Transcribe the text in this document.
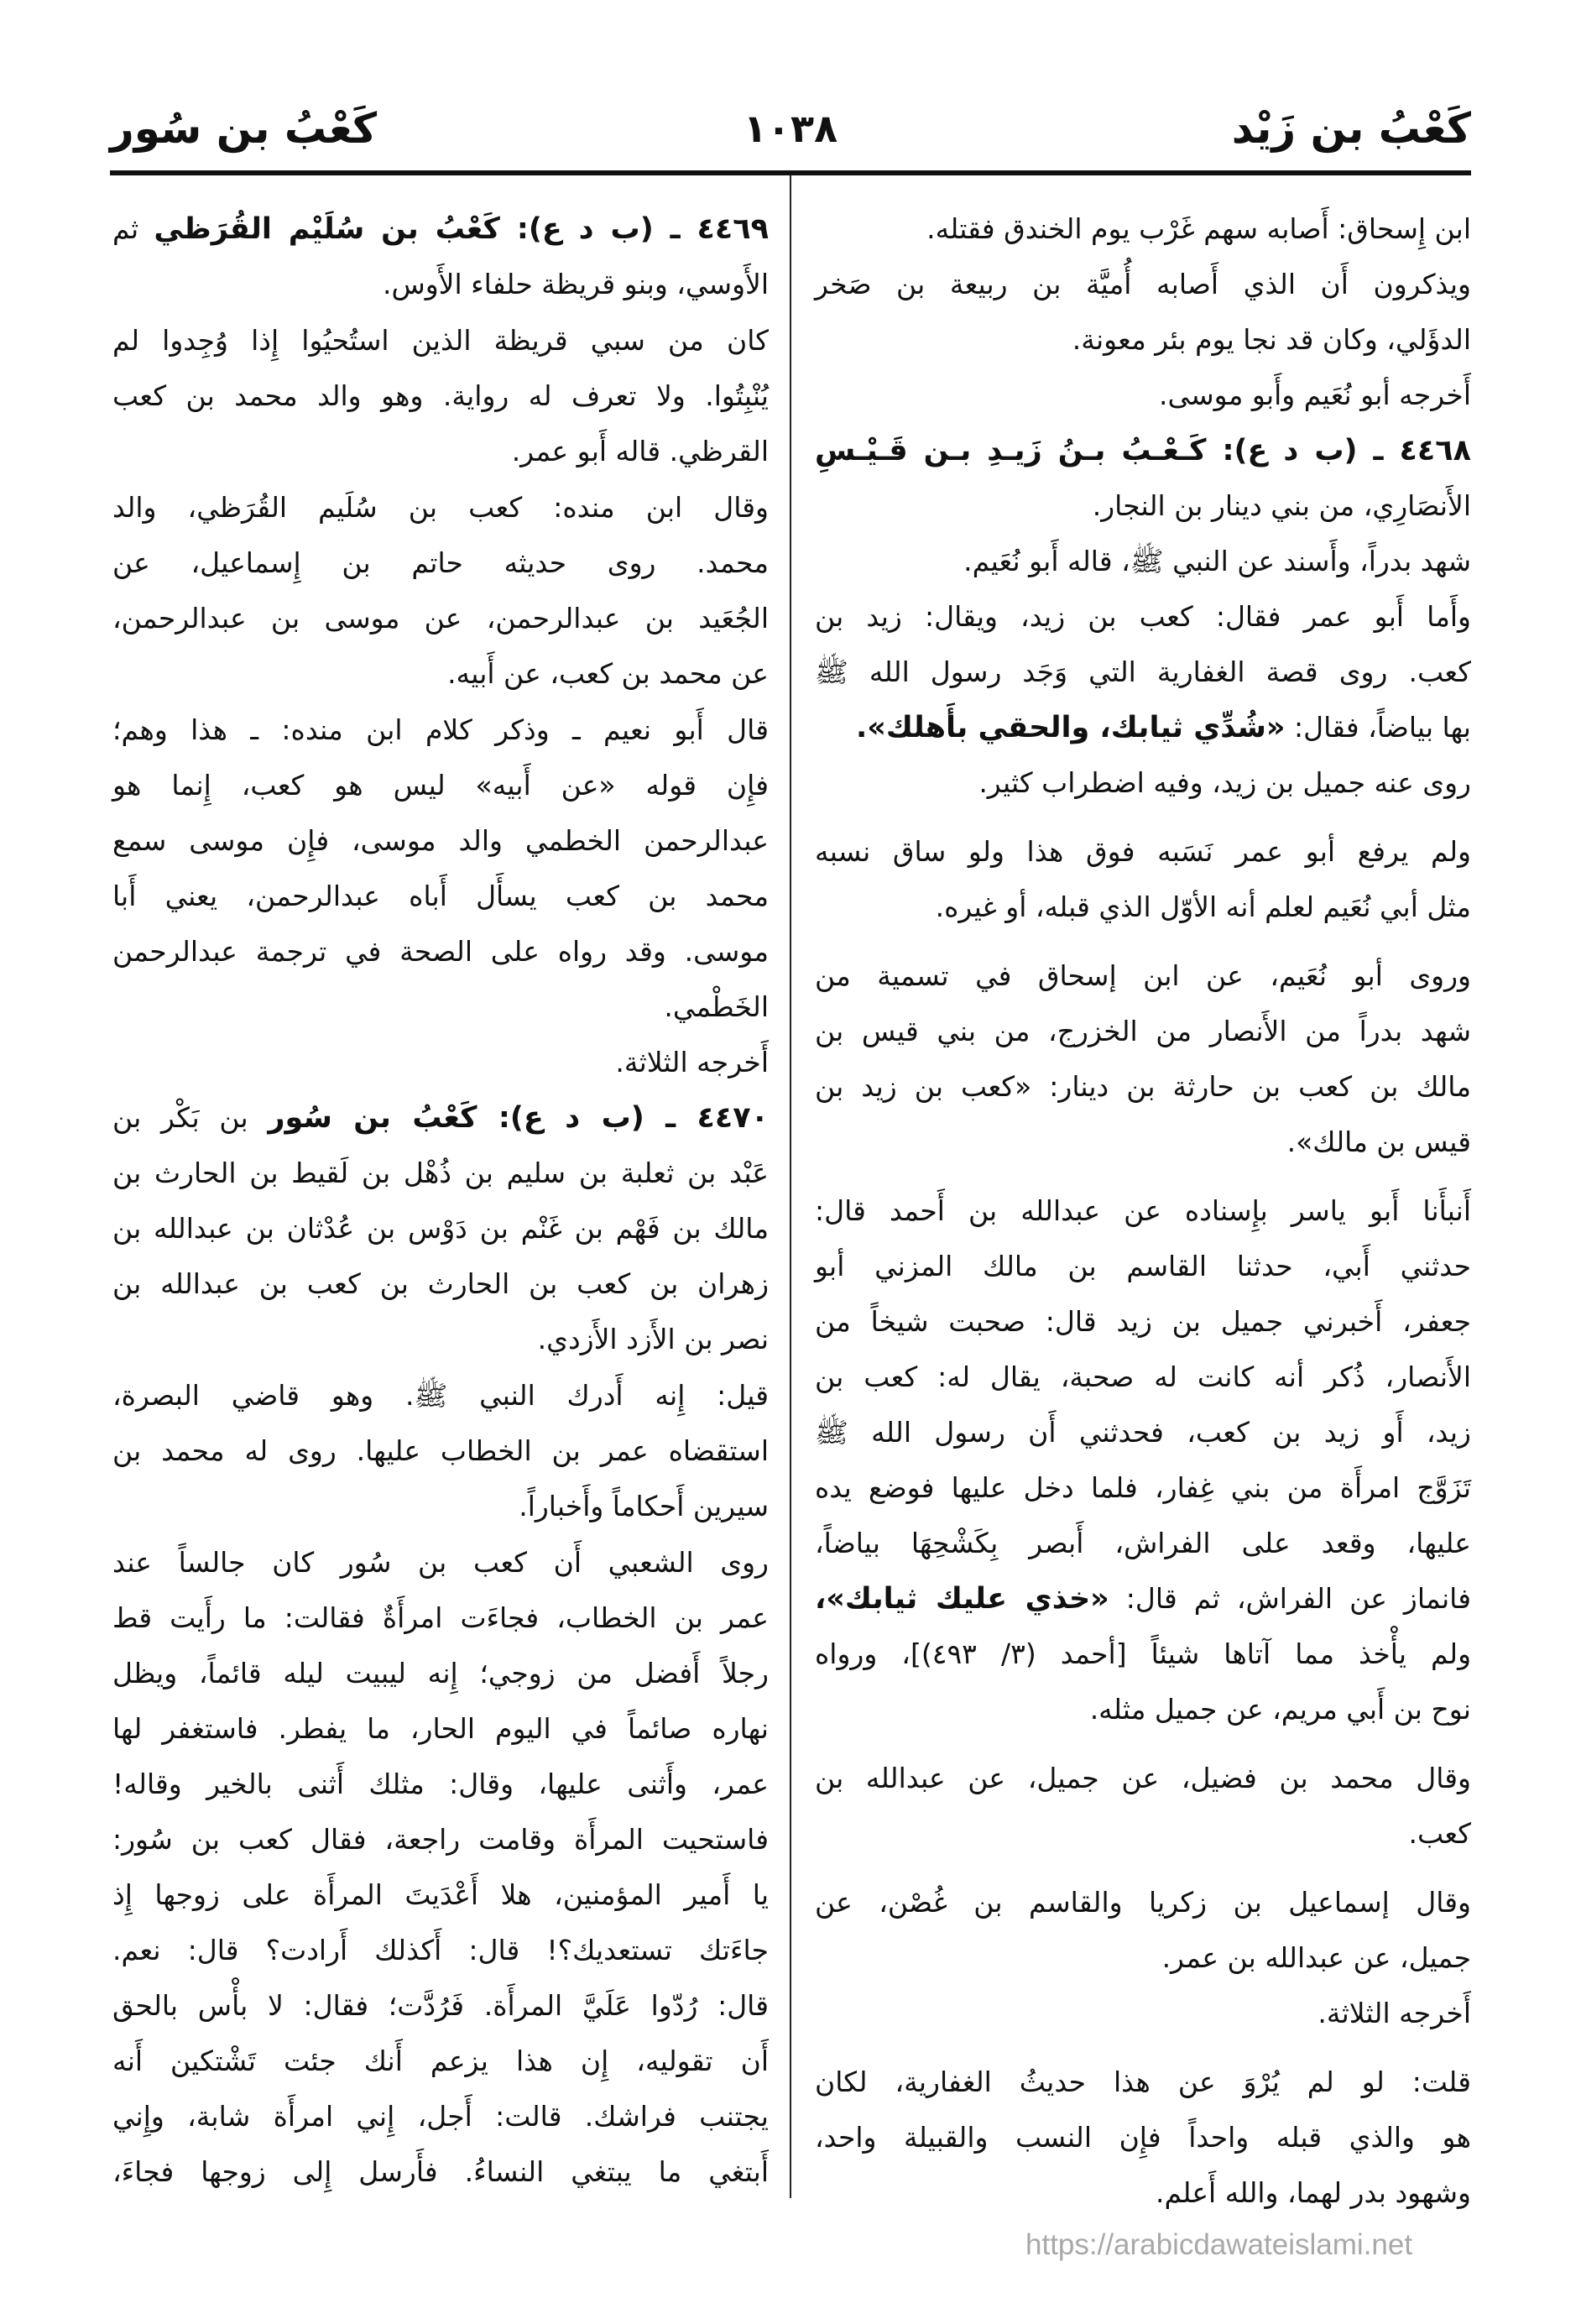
كَعْبُ بن زَيْد
١٠٣٨
كَعْبُ بن سُور
ابن إِسحاق: أَصابه سهم غَرْب يوم الخندق فقتله.
ويذكرون أَن الذي أَصابه أُميَّة بن ربيعة بن صَخر
الدؤَلي، وكان قد نجا يوم بئر معونة.
أَخرجه أبو نُعَيم وأَبو موسى.
٤٤٦٨ ـ (ب د ع): كَـعْـبُ بـنُ زَيـدِ بـن قَـيْـسِ
الأَنصَارِي، من بني دينار بن النجار.
شهد بدراً، وأَسند عن النبي ﷺ، قاله أَبو نُعَيم.
وأَما أَبو عمر فقال: كعب بن زيد، ويقال: زيد بن
كعب. روى قصة الغفارية التي وَجَد رسول الله ﷺ
بها بياضاً، فقال: «شُدِّي ثيابك، والحقي بأَهلك».
روى عنه جميل بن زيد، وفيه اضطراب كثير.
ولم يرفع أبو عمر نَسَبه فوق هذا ولو ساق نسبه
مثل أبي نُعَيم لعلم أنه الأوّل الذي قبله، أو غيره.
وروى أبو نُعَيم، عن ابن إسحاق في تسمية من
شهد بدراً من الأَنصار من الخزرج، من بني قيس بن
مالك بن كعب بن حارثة بن دينار: «كعب بن زيد بن
قيس بن مالك».
أَنبأَنا أَبو ياسر بإِسناده عن عبدالله بن أَحمد قال:
حدثني أَبي، حدثنا القاسم بن مالك المزني أبو
جعفر، أَخبرني جميل بن زيد قال: صحبت شيخاً من
الأَنصار، ذُكر أنه كانت له صحبة، يقال له: كعب بن
زيد، أَو زيد بن كعب، فحدثني أَن رسول الله ﷺ
تَزَوَّج امرأَة من بني غِفار، فلما دخل عليها فوضع يده
عليها، وقعد على الفراش، أَبصر بِكَشْحِهَا بياضاً،
فانماز عن الفراش، ثم قال: «خذي عليك ثيابك»،
ولم يأْخذ مما آتاها شيئاً [أحمد (٣/ ٤٩٣)]، ورواه
نوح بن أَبي مريم، عن جميل مثله.
وقال محمد بن فضيل، عن جميل، عن عبدالله بن
كعب.
وقال إسماعيل بن زكريا والقاسم بن غُصْن، عن
جميل، عن عبدالله بن عمر.
أَخرجه الثلاثة.
قلت: لو لم يُرْوَ عن هذا حديثُ الغفارية، لكان
هو والذي قبله واحداً فإِن النسب والقبيلة واحد،
وشهود بدر لهما، والله أَعلم.
٤٤٦٩ ـ (ب د ع): كَعْبُ بن سُلَيْم القُرَظي ثم
الأَوسي، وبنو قريظة حلفاء الأَوس.
كان من سبي قريظة الذين استُحيُوا إِذا وُجِدوا لم
يُنْبِتُوا. ولا تعرف له رواية. وهو والد محمد بن كعب
القرظي. قاله أَبو عمر.
وقال ابن منده: كعب بن سُلَيم القُرَظي، والد
محمد. روى حديثه حاتم بن إِسماعيل، عن
الجُعَيد بن عبدالرحمن، عن موسى بن عبدالرحمن،
عن محمد بن كعب، عن أَبيه.
قال أَبو نعيم ـ وذكر كلام ابن منده: ـ هذا وهم؛
فإِن قوله «عن أَبيه» ليس هو كعب، إِنما هو
عبدالرحمن الخطمي والد موسى، فإِن موسى سمع
محمد بن كعب يسأَل أَباه عبدالرحمن، يعني أَبا
موسى. وقد رواه على الصحة في ترجمة عبدالرحمن
الخَطْمي.
أَخرجه الثلاثة.
٤٤٧٠ ـ (ب د ع): كَعْبُ بن سُور بن بَكْر بن
عَبْد بن ثعلبة بن سليم بن ذُهْل بن لَقيط بن الحارث بن
مالك بن فَهْم بن غَنْم بن دَوْس بن عُدْثان بن عبدالله بن
زهران بن كعب بن الحارث بن كعب بن عبدالله بن
نصر بن الأَزد الأَزدي.
قيل: إِنه أَدرك النبي ﷺ. وهو قاضي البصرة،
استقضاه عمر بن الخطاب عليها. روى له محمد بن
سيرين أَحكاماً وأَخباراً.
روى الشعبي أَن كعب بن سُور كان جالساً عند
عمر بن الخطاب، فجاءَت امرأَةٌ فقالت: ما رأَيت قط
رجلاً أَفضل من زوجي؛ إِنه ليبيت ليله قائماً، ويظل
نهاره صائماً في اليوم الحار، ما يفطر. فاستغفر لها
عمر، وأَثنى عليها، وقال: مثلك أَثنى بالخير وقاله!
فاستحيت المرأَة وقامت راجعة، فقال كعب بن سُور:
يا أَمير المؤمنين، هلا أَعْدَيتَ المرأَة على زوجها إِذ
جاءَتك تستعديك؟! قال: أَكذلك أَرادت؟ قال: نعم.
قال: رُدّوا عَلَيَّ المرأَة. فَرُدَّت؛ فقال: لا بأْس بالحق
أَن تقوليه، إِن هذا يزعم أَنك جئت تَشْتكين أَنه
يجتنب فراشك. قالت: أَجل، إِني امرأَة شابة، وإِني
أَبتغي ما يبتغي النساءُ. فأَرسل إِلى زوجها فجاءَ،
https://arabicdawateislami.net
